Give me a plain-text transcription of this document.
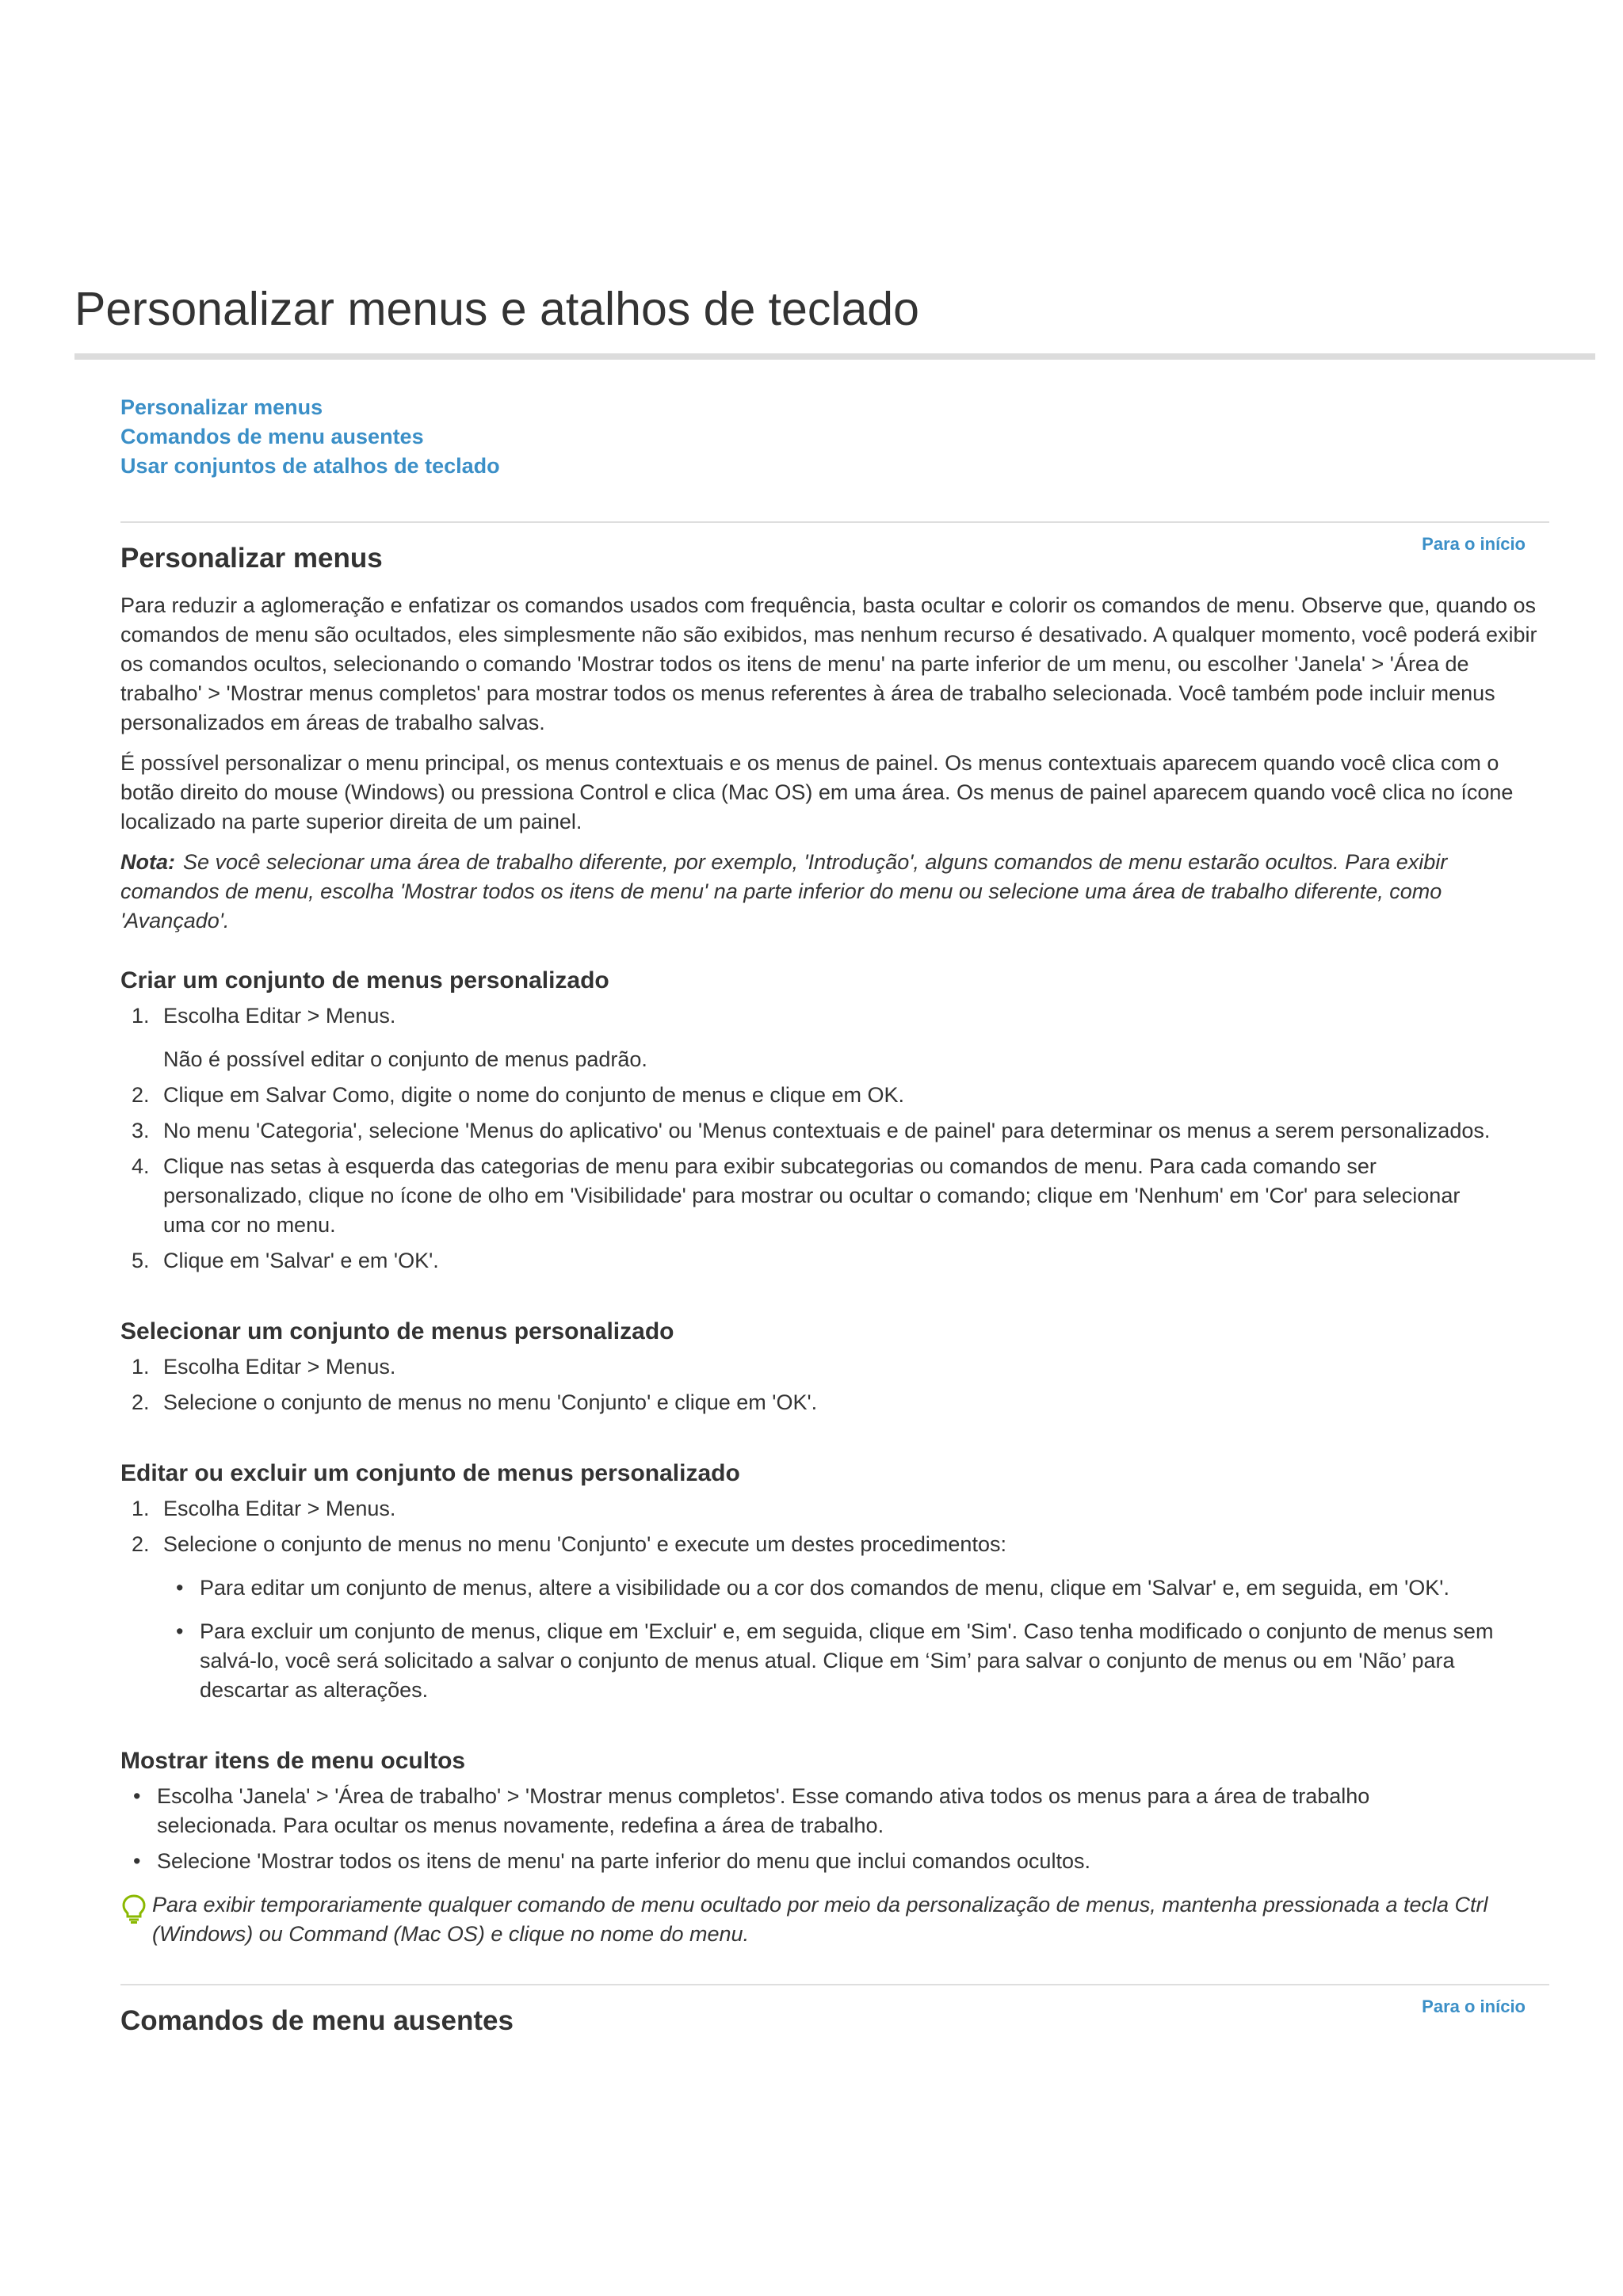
Personalizar menus e atalhos de teclado
Personalizar menus
Comandos de menu ausentes
Usar conjuntos de atalhos de teclado
Para o início
Personalizar menus

Para reduzir a aglomeração e enfatizar os comandos usados com frequência, basta ocultar e colorir os comandos de menu. Observe que, quando os comandos de menu são ocultados, eles simplesmente não são exibidos, mas nenhum recurso é desativado. A qualquer momento, você poderá exibir os comandos ocultos, selecionando o comando 'Mostrar todos os itens de menu' na parte inferior de um menu, ou escolher 'Janela' > 'Área de trabalho' > 'Mostrar menus completos' para mostrar todos os menus referentes à área de trabalho selecionada. Você também pode incluir menus personalizados em áreas de trabalho salvas.

É possível personalizar o menu principal, os menus contextuais e os menus de painel. Os menus contextuais aparecem quando você clica com o botão direito do mouse (Windows) ou pressiona Control e clica (Mac OS) em uma área. Os menus de painel aparecem quando você clica no ícone localizado na parte superior direita de um painel.

Nota: Se você selecionar uma área de trabalho diferente, por exemplo, 'Introdução', alguns comandos de menu estarão ocultos. Para exibir comandos de menu, escolha 'Mostrar todos os itens de menu' na parte inferior do menu ou selecione uma área de trabalho diferente, como 'Avançado'.

Criar um conjunto de menus personalizado
1. Escolha Editar > Menus.
Não é possível editar o conjunto de menus padrão.
2. Clique em Salvar Como, digite o nome do conjunto de menus e clique em OK.
3. No menu 'Categoria', selecione 'Menus do aplicativo' ou 'Menus contextuais e de painel' para determinar os menus a serem personalizados.
4. Clique nas setas à esquerda das categorias de menu para exibir subcategorias ou comandos de menu. Para cada comando ser personalizado, clique no ícone de olho em 'Visibilidade' para mostrar ou ocultar o comando; clique em 'Nenhum' em 'Cor' para selecionar uma cor no menu.
5. Clique em 'Salvar' e em 'OK'.
Selecionar um conjunto de menus personalizado
1. Escolha Editar > Menus.
2. Selecione o conjunto de menus no menu 'Conjunto' e clique em 'OK'.
Editar ou excluir um conjunto de menus personalizado
1. Escolha Editar > Menus.
2. Selecione o conjunto de menus no menu 'Conjunto' e execute um destes procedimentos:
• Para editar um conjunto de menus, altere a visibilidade ou a cor dos comandos de menu, clique em 'Salvar' e, em seguida, em 'OK'.
• Para excluir um conjunto de menus, clique em 'Excluir' e, em seguida, clique em 'Sim'. Caso tenha modificado o conjunto de menus sem salvá-lo, você será solicitado a salvar o conjunto de menus atual. Clique em ‘Sim’ para salvar o conjunto de menus ou em 'Não’ para descartar as alterações.
Mostrar itens de menu ocultos
• Escolha 'Janela' > 'Área de trabalho' > 'Mostrar menus completos'. Esse comando ativa todos os menus para a área de trabalho selecionada. Para ocultar os menus novamente, redefina a área de trabalho.
• Selecione 'Mostrar todos os itens de menu' na parte inferior do menu que inclui comandos ocultos.
Para exibir temporariamente qualquer comando de menu ocultado por meio da personalização de menus, mantenha pressionada a tecla Ctrl (Windows) ou Command (Mac OS) e clique no nome do menu.
Para o início
Comandos de menu ausentes
